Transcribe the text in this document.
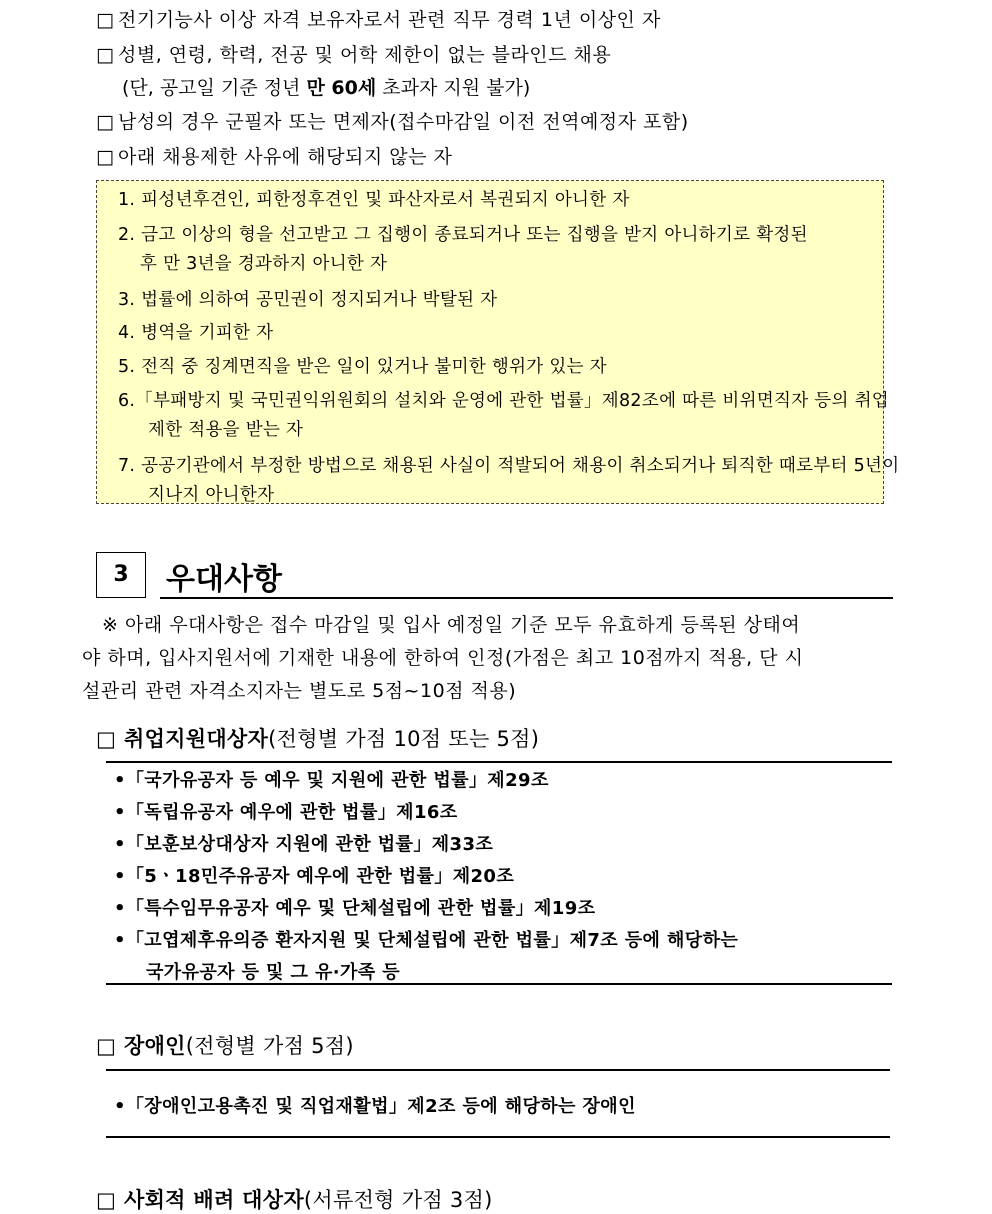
□ 전기기능사 이상 자격 보유자로서 관련 직무 경력 1년 이상인 자
□ 성별, 연령, 학력, 전공 및 어학 제한이 없는 블라인드 채용
(단, 공고일 기준 정년 만 60세 초과자 지원 불가)
□ 남성의 경우 군필자 또는 면제자(접수마감일 이전 전역예정자 포함)
□ 아래 채용제한 사유에 해당되지 않는 자
1. 피성년후견인, 피한정후견인 및 파산자로서 복권되지 아니한 자
2. 금고 이상의 형을 선고받고 그 집행이 종료되거나 또는 집행을 받지 아니하기로 확정된
후 만 3년을 경과하지 아니한 자
3. 법률에 의하여 공민권이 정지되거나 박탈된 자
4. 병역을 기피한 자
5. 전직 중 징계면직을 받은 일이 있거나 불미한 행위가 있는 자
6.「부패방지 및 국민권익위원회의 설치와 운영에 관한 법률」제82조에 따른 비위면직자 등의 취업
제한 적용을 받는 자
7. 공공기관에서 부정한 방법으로 채용된 사실이 적발되어 채용이 취소되거나 퇴직한 때로부터 5년이
지나지 아니한자
3	우대사항
※ 아래 우대사항은 접수 마감일 및 입사 예정일 기준 모두 유효하게 등록된 상태여
야 하며, 입사지원서에 기재한 내용에 한하여 인정(가점은 최고 10점까지 적용, 단 시
설관리 관련 자격소지자는 별도로 5점~10점 적용)
□ 취업지원대상자(전형별 가점 10점 또는 5점)
•「국가유공자 등 예우 및 지원에 관한 법률」제29조
•「독립유공자 예우에 관한 법률」제16조
•「보훈보상대상자 지원에 관한 법률」제33조
•「5ㆍ18민주유공자 예우에 관한 법률」제20조
•「특수임무유공자 예우 및 단체설립에 관한 법률」제19조
•「고엽제후유의증 환자지원 및 단체설립에 관한 법률」제7조 등에 해당하는
국가유공자 등 및 그 유·가족 등
□ 장애인(전형별 가점 5점)
•「장애인고용촉진 및 직업재활법」제2조 등에 해당하는 장애인
□ 사회적 배려 대상자(서류전형 가점 3점)
